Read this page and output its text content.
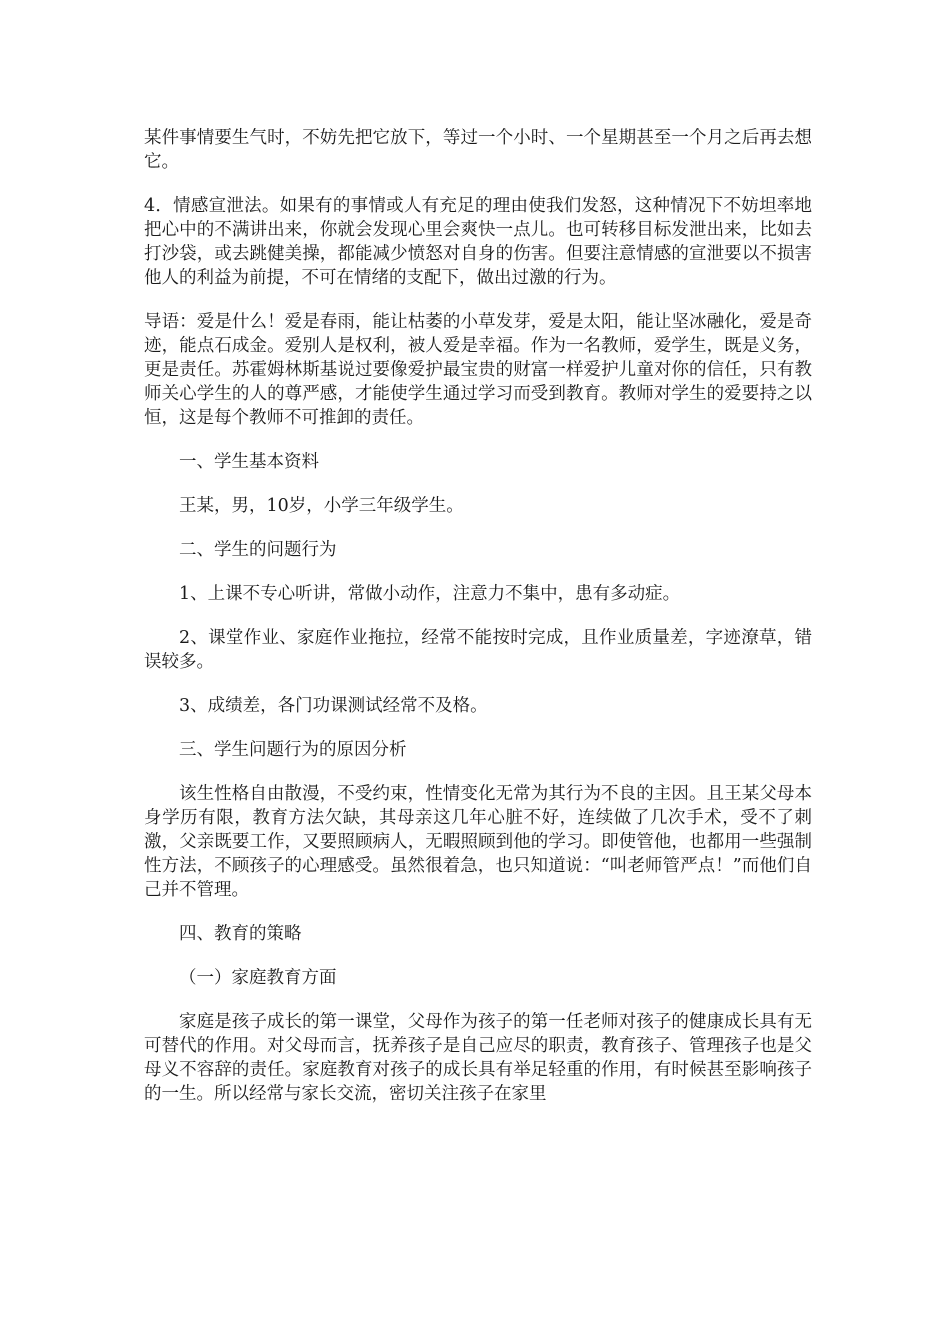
某件事情要生气时，不妨先把它放下，等过一个小时、一个星期甚至一个月之后再去想它。

4．情感宣泄法。如果有的事情或人有充足的理由使我们发怒，这种情况下不妨坦率地把心中的不满讲出来，你就会发现心里会爽快一点儿。也可转移目标发泄出来，比如去打沙袋，或去跳健美操，都能减少愤怒对自身的伤害。但要注意情感的宣泄要以不损害他人的利益为前提，不可在情绪的支配下，做出过激的行为。

导语：爱是什么！爱是春雨，能让枯萎的小草发芽，爱是太阳，能让坚冰融化，爱是奇迹，能点石成金。爱别人是权利，被人爱是幸福。作为一名教师，爱学生，既是义务，更是责任。苏霍姆林斯基说过要像爱护最宝贵的财富一样爱护儿童对你的信任，只有教师关心学生的人的尊严感，才能使学生通过学习而受到教育。教师对学生的爱要持之以恒，这是每个教师不可推卸的责任。

一、学生基本资料

王某，男，10岁，小学三年级学生。

二、学生的问题行为

1、上课不专心听讲，常做小动作，注意力不集中，患有多动症。

2、课堂作业、家庭作业拖拉，经常不能按时完成，且作业质量差，字迹潦草，错误较多。

3、成绩差，各门功课测试经常不及格。

三、学生问题行为的原因分析

该生性格自由散漫，不受约束，性情变化无常为其行为不良的主因。且王某父母本身学历有限，教育方法欠缺，其母亲这几年心脏不好，连续做了几次手术，受不了刺激，父亲既要工作，又要照顾病人，无暇照顾到他的学习。即使管他，也都用一些强制性方法，不顾孩子的心理感受。虽然很着急，也只知道说：“叫老师管严点！”而他们自己并不管理。

四、教育的策略

（一）家庭教育方面

家庭是孩子成长的第一课堂，父母作为孩子的第一任老师对孩子的健康成长具有无可替代的作用。对父母而言，抚养孩子是自己应尽的职责，教育孩子、管理孩子也是父母义不容辞的责任。家庭教育对孩子的成长具有举足轻重的作用，有时候甚至影响孩子的一生。所以经常与家长交流，密切关注孩子在家里
